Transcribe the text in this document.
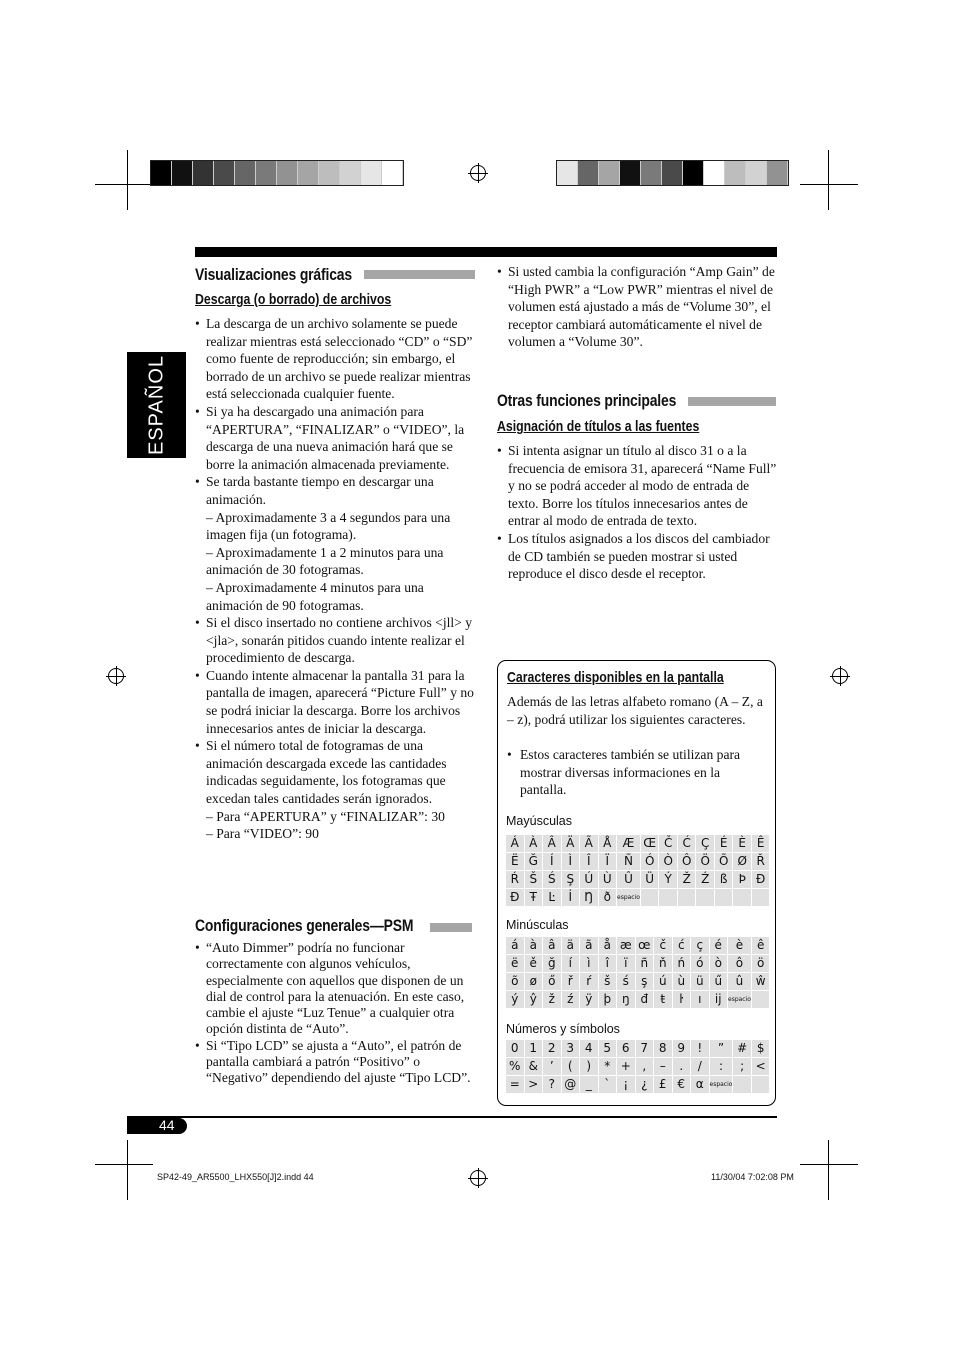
ESPAÑOL
Visualizaciones gráficas
Descarga (o borrado) de archivos
• La descarga de un archivo solamente se puede realizar mientras está seleccionado “CD” o “SD” como fuente de reproducción; sin embargo, el borrado de un archivo se puede realizar mientras está seleccionada cualquier fuente.
• Si ya ha descargado una animación para “APERTURA”, “FINALIZAR” o “VIDEO”, la descarga de una nueva animación hará que se borre la animación almacenada previamente.
• Se tarda bastante tiempo en descargar una animación.
– Aproximadamente 3 a 4 segundos para una imagen fija (un fotograma).
– Aproximadamente 1 a 2 minutos para una animación de 30 fotogramas.
– Aproximadamente 4 minutos para una animación de 90 fotogramas.
• Si el disco insertado no contiene archivos <jll> y <jla>, sonarán pitidos cuando intente realizar el procedimiento de descarga.
• Cuando intente almacenar la pantalla 31 para la pantalla de imagen, aparecerá “Picture Full” y no se podrá iniciar la descarga. Borre los archivos innecesarios antes de iniciar la descarga.
• Si el número total de fotogramas de una animación descargada excede las cantidades indicadas seguidamente, los fotogramas que excedan tales cantidades serán ignorados.
– Para “APERTURA” y “FINALIZAR”: 30
– Para “VIDEO”: 90
Configuraciones generales—PSM
• “Auto Dimmer” podría no funcionar correctamente con algunos vehículos, especialmente con aquellos que disponen de un dial de control para la atenuación. En este caso, cambie el ajuste “Luz Tenue” a cualquier otra opción distinta de “Auto”.
• Si “Tipo LCD” se ajusta a “Auto”, el patrón de pantalla cambiará a patrón “Positivo” o “Negativo” dependiendo del ajuste “Tipo LCD”.
• Si usted cambia la configuración “Amp Gain” de “High PWR” a “Low PWR” mientras el nivel de volumen está ajustado a más de “Volume 30”, el receptor cambiará automáticamente el nivel de volumen a “Volume 30”.
Otras funciones principales
Asignación de títulos a las fuentes
• Si intenta asignar un título al disco 31 o a la frecuencia de emisora 31, aparecerá “Name Full” y no se podrá acceder al modo de entrada de texto. Borre los títulos innecesarios antes de entrar al modo de entrada de texto.
• Los títulos asignados a los discos del cambiador de CD también se pueden mostrar si usted reproduce el disco desde el receptor.
Caracteres disponibles en la pantalla
Además de las letras alfabeto romano (A – Z, a – z), podrá utilizar los siguientes caracteres.
• Estos caracteres también se utilizan para mostrar diversas informaciones en la pantalla.
Mayúsculas
Á	À	Â	Ä	Ã	Å	Æ	Œ	Č	Ć	Ç	É	È	Ê
Ë	Ğ	Í	Ì	Î	Ï	Ñ	Ó	Ò	Ô	Ö	Õ	Ø	Ř
Ŕ	Š	Ś	Ş	Ú	Ù	Û	Ü	Ý	Ž	Ź	ß	Þ	Ɖ
Đ	Ŧ	Ŀ	İ	Ŋ	ð	espacio							
Minúsculas
á	à	â	ä	ã	å	æ	œ	č	ć	ç	é	è	ê
ë	ě	ğ	í	ì	î	ï	ñ	ň	ń	ó	ò	ô	ö
õ	ø	ő	ř	ŕ	š	ś	ş	ú	ù	ü	ű	û	ŵ
ý	ŷ	ž	ź	ÿ	þ	ŋ	đ	ŧ	ŀ	ı	ĳ	espacio	
Números y símbolos
0	1	2	3	4	5	6	7	8	9	!	”	#	$
%	&	’	(	)	*	+	,	–	.	/	:	;	<
=	>	?	@	_	`	¡	¿	£	€	α	espacio		
44
SP42-49_AR5500_LHX550[J]2.indd 44	11/30/04 7:02:08 PM
